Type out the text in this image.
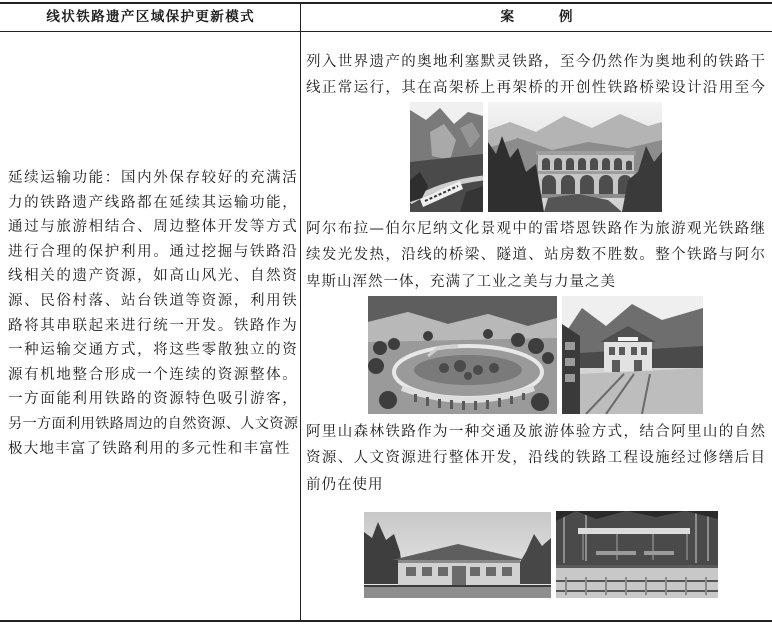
线状铁路遗产区域保护更新模式	案　　例
延续运输功能：国内外保存较好的充满活
力的铁路遗产线路都在延续其运输功能，
通过与旅游相结合、周边整体开发等方式
进行合理的保护利用。通过挖掘与铁路沿
线相关的遗产资源，如高山风光、自然资
源、民俗村落、站台铁道等资源，利用铁
路将其串联起来进行统一开发。铁路作为
一种运输交通方式，将这些零散独立的资
源有机地整合形成一个连续的资源整体。
一方面能利用铁路的资源特色吸引游客，
另一方面利用铁路周边的自然资源、人文资源
极大地丰富了铁路利用的多元性和丰富性
列入世界遗产的奥地利塞默灵铁路，至今仍然作为奥地利的铁路干
线正常运行，其在高架桥上再架桥的开创性铁路桥梁设计沿用至今
阿尔布拉—伯尔尼纳文化景观中的雷塔恩铁路作为旅游观光铁路继
续发光发热，沿线的桥梁、隧道、站房数不胜数。整个铁路与阿尔
卑斯山浑然一体，充满了工业之美与力量之美
阿里山森林铁路作为一种交通及旅游体验方式，结合阿里山的自然
资源、人文资源进行整体开发，沿线的铁路工程设施经过修缮后目
前仍在使用
